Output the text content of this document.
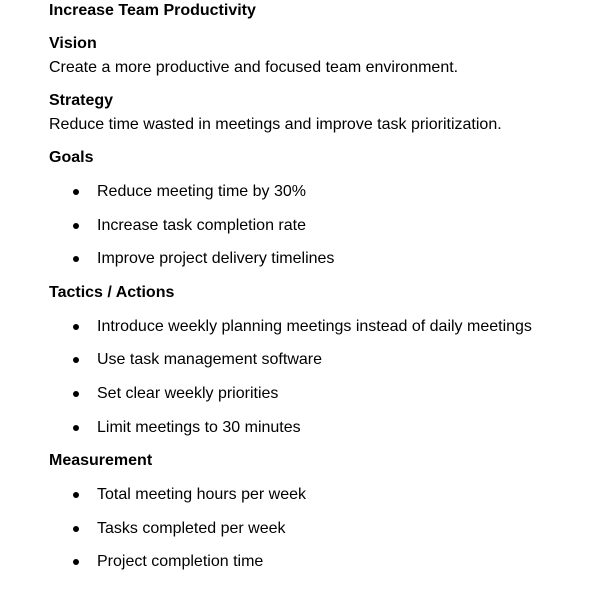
Increase Team Productivity
Vision
Create a more productive and focused team environment.
Strategy
Reduce time wasted in meetings and improve task prioritization.
Goals
Reduce meeting time by 30%
Increase task completion rate
Improve project delivery timelines
Tactics / Actions
Introduce weekly planning meetings instead of daily meetings
Use task management software
Set clear weekly priorities
Limit meetings to 30 minutes
Measurement
Total meeting hours per week
Tasks completed per week
Project completion time
